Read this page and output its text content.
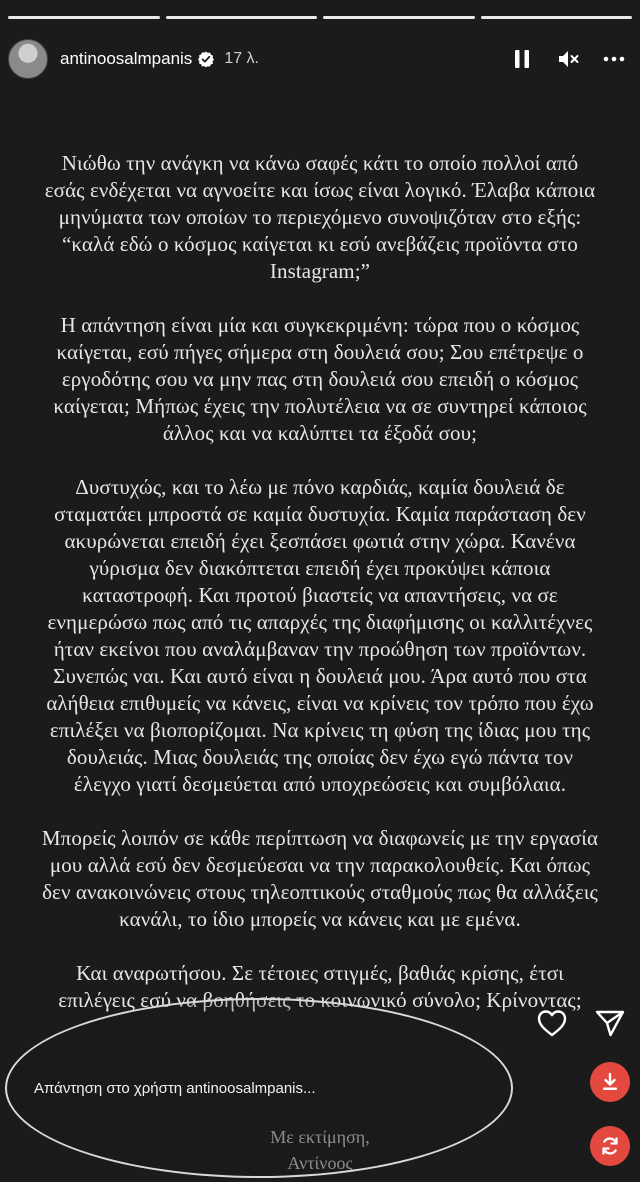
antinoosalmpanis 17 λ.

Νιώθω την ανάγκη να κάνω σαφές κάτι το οποίο πολλοί από εσάς ενδέχεται να αγνοείτε και ίσως είναι λογικό. Έλαβα κάποια μηνύματα των οποίων το περιεχόμενο συνοψιζόταν στο εξής: “καλά εδώ ο κόσμος καίγεται κι εσύ ανεβάζεις προϊόντα στο Instagram;”

Η απάντηση είναι μία και συγκεκριμένη: τώρα που ο κόσμος καίγεται, εσύ πήγες σήμερα στη δουλειά σου; Σου επέτρεψε ο εργοδότης σου να μην πας στη δουλειά σου επειδή ο κόσμος καίγεται; Μήπως έχεις την πολυτέλεια να σε συντηρεί κάποιος άλλος και να καλύπτει τα έξοδά σου;

Δυστυχώς, και το λέω με πόνο καρδιάς, καμία δουλειά δε σταματάει μπροστά σε καμία δυστυχία. Καμία παράσταση δεν ακυρώνεται επειδή έχει ξεσπάσει φωτιά στην χώρα. Κανένα γύρισμα δεν διακόπτεται επειδή έχει προκύψει κάποια καταστροφή. Και προτού βιαστείς να απαντήσεις, να σε ενημερώσω πως από τις απαρχές της διαφήμισης οι καλλιτέχνες ήταν εκείνοι που αναλάμβαναν την προώθηση των προϊόντων. Συνεπώς ναι. Και αυτό είναι η δουλειά μου. Άρα αυτό που στα αλήθεια επιθυμείς να κάνεις, είναι να κρίνεις τον τρόπο που έχω επιλέξει να βιοπορίζομαι. Να κρίνεις τη φύση της ίδιας μου της δουλειάς. Μιας δουλειάς της οποίας δεν έχω εγώ πάντα τον έλεγχο γιατί δεσμεύεται από υποχρεώσεις και συμβόλαια.

Μπορείς λοιπόν σε κάθε περίπτωση να διαφωνείς με την εργασία μου αλλά εσύ δεν δεσμεύεσαι να την παρακολουθείς. Και όπως δεν ανακοινώνεις στους τηλεοπτικούς σταθμούς πως θα αλλάξεις κανάλι, το ίδιο μπορείς να κάνεις και με εμένα.

Και αναρωτήσου. Σε τέτοιες στιγμές, βαθιάς κρίσης, έτσι επιλέγεις εσύ να βοηθήσεις το κοινωνικό σύνολο; Κρίνοντας;

Με εκτίμηση,
Αντίνοος
Απάντηση στο χρήστη antinoosalmpanis...
